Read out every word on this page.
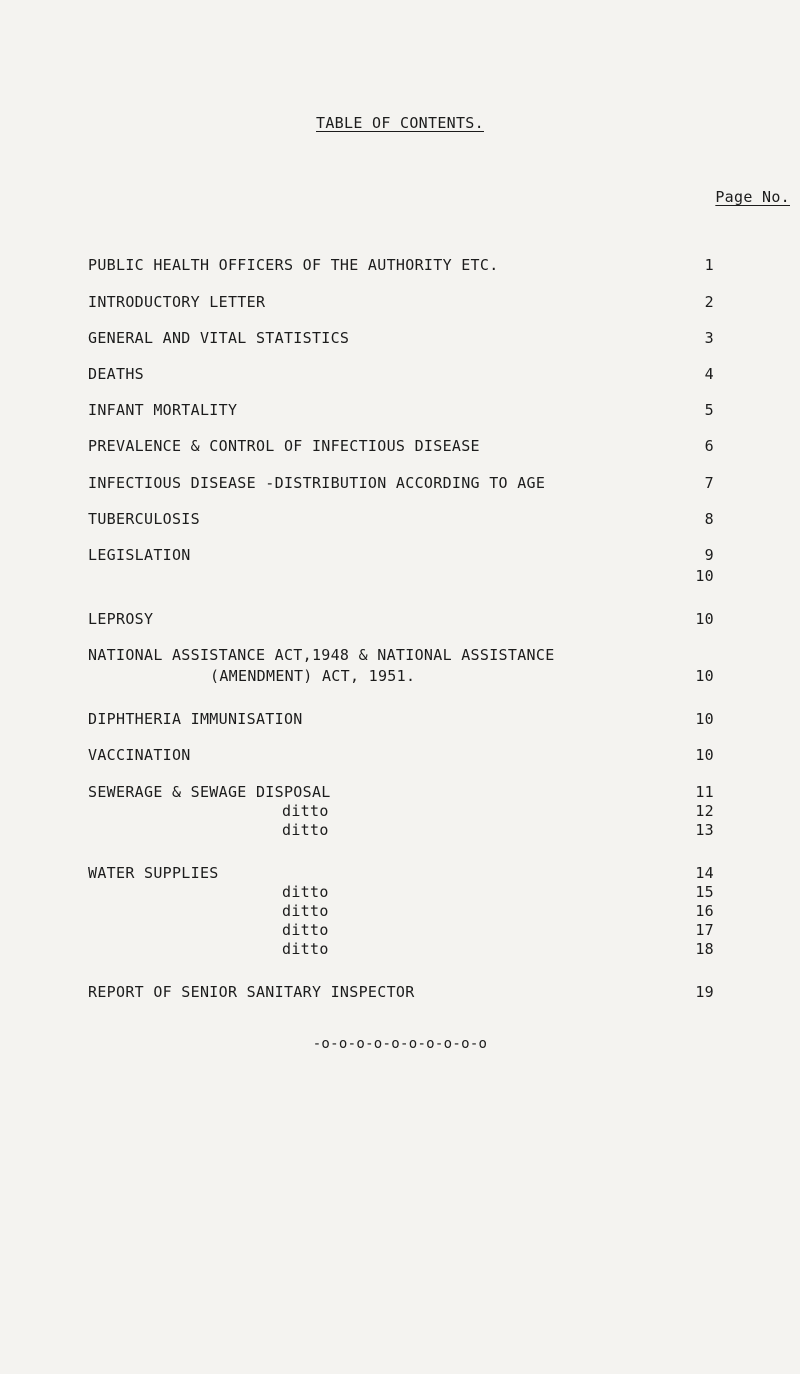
TABLE OF CONTENTS.
Page No.
PUBLIC HEALTH OFFICERS OF THE AUTHORITY ETC.	1
INTRODUCTORY LETTER	2
GENERAL AND VITAL STATISTICS	3
DEATHS	4
INFANT MORTALITY	5
PREVALENCE & CONTROL OF INFECTIOUS DISEASE	6
INFECTIOUS DISEASE -DISTRIBUTION ACCORDING TO AGE	7
TUBERCULOSIS	8
LEGISLATION	9
10
LEPROSY	10
NATIONAL ASSISTANCE ACT,1948 & NATIONAL ASSISTANCE
(AMENDMENT) ACT, 1951.	10
DIPHTHERIA IMMUNISATION	10
VACCINATION	10
SEWERAGE & SEWAGE DISPOSAL	11
ditto	12
ditto	13
WATER SUPPLIES	14
ditto	15
ditto	16
ditto	17
ditto	18
REPORT OF SENIOR SANITARY INSPECTOR	19
-o-o-o-o-o-o-o-o-o-o
